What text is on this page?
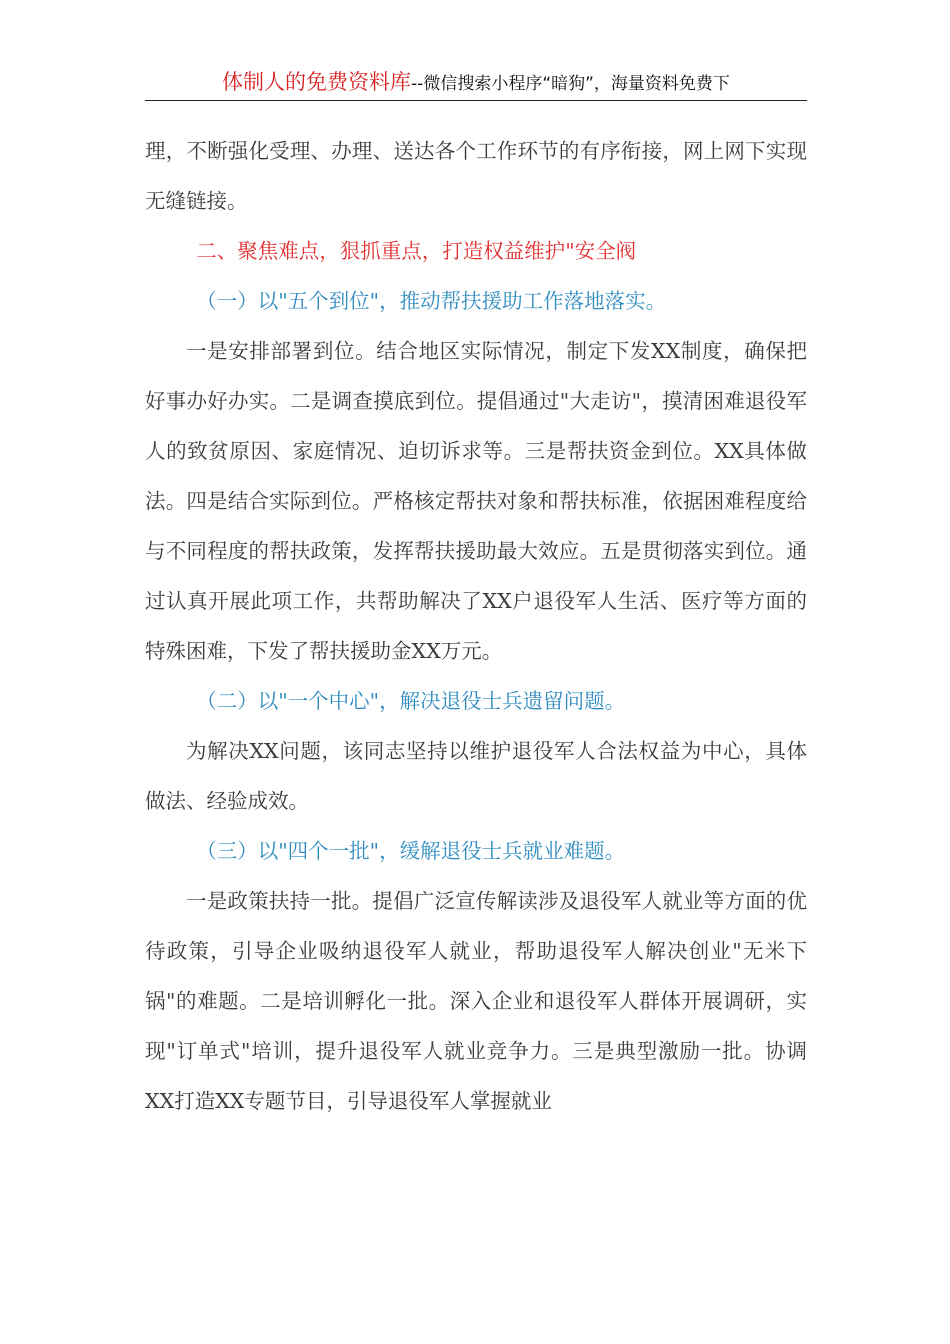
体制人的免费资料库--微信搜索小程序“暗狗”，海量资料免费下

理，不断强化受理、办理、送达各个工作环节的有序衔接，网上网下实现无缝链接。

二、聚焦难点，狠抓重点，打造权益维护"安全阀

（一）以"五个到位"，推动帮扶援助工作落地落实。

一是安排部署到位。结合地区实际情况，制定下发XX制度，确保把好事办好办实。二是调查摸底到位。提倡通过"大走访"，摸清困难退役军人的致贫原因、家庭情况、迫切诉求等。三是帮扶资金到位。XX具体做法。四是结合实际到位。严格核定帮扶对象和帮扶标准，依据困难程度给与不同程度的帮扶政策，发挥帮扶援助最大效应。五是贯彻落实到位。通过认真开展此项工作，共帮助解决了XX户退役军人生活、医疗等方面的特殊困难，下发了帮扶援助金XX万元。

（二）以"一个中心"，解决退役士兵遗留问题。

为解决XX问题，该同志坚持以维护退役军人合法权益为中心，具体做法、经验成效。

（三）以"四个一批"，缓解退役士兵就业难题。

一是政策扶持一批。提倡广泛宣传解读涉及退役军人就业等方面的优待政策，引导企业吸纳退役军人就业，帮助退役军人解决创业"无米下锅"的难题。二是培训孵化一批。深入企业和退役军人群体开展调研，实现"订单式"培训，提升退役军人就业竞争力。三是典型激励一批。协调XX打造XX专题节目，引导退役军人掌握就业
